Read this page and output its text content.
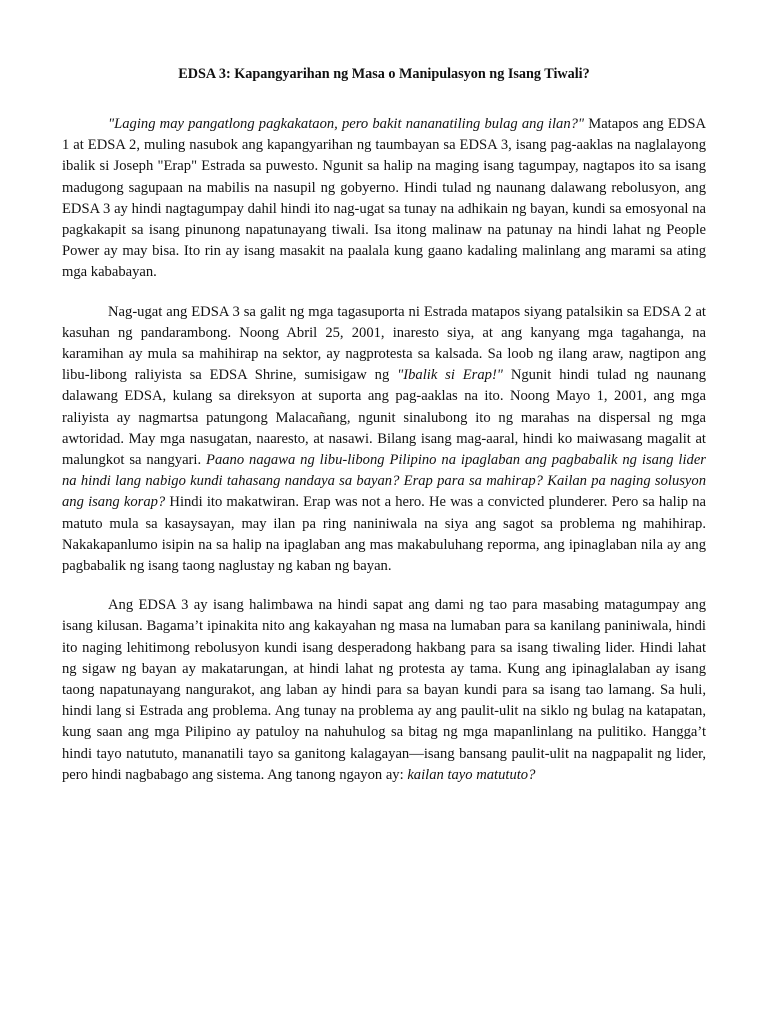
EDSA 3: Kapangyarihan ng Masa o Manipulasyon ng Isang Tiwali?

"Laging may pangatlong pagkakataon, pero bakit nananatiling bulag ang ilan?" Matapos ang EDSA 1 at EDSA 2, muling nasubok ang kapangyarihan ng taumbayan sa EDSA 3, isang pag-aaklas na naglalayong ibalik si Joseph "Erap" Estrada sa puwesto. Ngunit sa halip na maging isang tagumpay, nagtapos ito sa isang madugong sagupaan na mabilis na nasupil ng gobyerno. Hindi tulad ng naunang dalawang rebolusyon, ang EDSA 3 ay hindi nagtagumpay dahil hindi ito nag-ugat sa tunay na adhikain ng bayan, kundi sa emosyonal na pagkakapit sa isang pinunong napatunayang tiwali. Isa itong malinaw na patunay na hindi lahat ng People Power ay may bisa. Ito rin ay isang masakit na paalala kung gaano kadaling malinlang ang marami sa ating mga kababayan.

Nag-ugat ang EDSA 3 sa galit ng mga tagasuporta ni Estrada matapos siyang patalsikin sa EDSA 2 at kasuhan ng pandarambong. Noong Abril 25, 2001, inaresto siya, at ang kanyang mga tagahanga, na karamihan ay mula sa mahihirap na sektor, ay nagprotesta sa kalsada. Sa loob ng ilang araw, nagtipon ang libu-libong raliyista sa EDSA Shrine, sumisigaw ng "Ibalik si Erap!" Ngunit hindi tulad ng naunang dalawang EDSA, kulang sa direksyon at suporta ang pag-aaklas na ito. Noong Mayo 1, 2001, ang mga raliyista ay nagmartsa patungong Malacañang, ngunit sinalubong ito ng marahas na dispersal ng mga awtoridad. May mga nasugatan, naaresto, at nasawi. Bilang isang mag-aaral, hindi ko maiwasang magalit at malungkot sa nangyari. Paano nagawa ng libu-libong Pilipino na ipaglaban ang pagbabalik ng isang lider na hindi lang nabigo kundi tahasang nandaya sa bayan? Erap para sa mahirap? Kailan pa naging solusyon ang isang korap? Hindi ito makatwiran. Erap was not a hero. He was a convicted plunderer. Pero sa halip na matuto mula sa kasaysayan, may ilan pa ring naniniwala na siya ang sagot sa problema ng mahihirap. Nakakapanlumo isipin na sa halip na ipaglaban ang mas makabuluhang reporma, ang ipinaglaban nila ay ang pagbabalik ng isang taong naglustay ng kaban ng bayan.

Ang EDSA 3 ay isang halimbawa na hindi sapat ang dami ng tao para masabing matagumpay ang isang kilusan. Bagama’t ipinakita nito ang kakayahan ng masa na lumaban para sa kanilang paniniwala, hindi ito naging lehitimong rebolusyon kundi isang desperadong hakbang para sa isang tiwaling lider. Hindi lahat ng sigaw ng bayan ay makatarungan, at hindi lahat ng protesta ay tama. Kung ang ipinaglalaban ay isang taong napatunayang nangurakot, ang laban ay hindi para sa bayan kundi para sa isang tao lamang. Sa huli, hindi lang si Estrada ang problema. Ang tunay na problema ay ang paulit-ulit na siklo ng bulag na katapatan, kung saan ang mga Pilipino ay patuloy na nahuhulog sa bitag ng mga mapanlinlang na pulitiko. Hangga’t hindi tayo natututo, mananatili tayo sa ganitong kalagayan—isang bansang paulit-ulit na nagpapalit ng lider, pero hindi nagbabago ang sistema. Ang tanong ngayon ay: kailan tayo matututo?
